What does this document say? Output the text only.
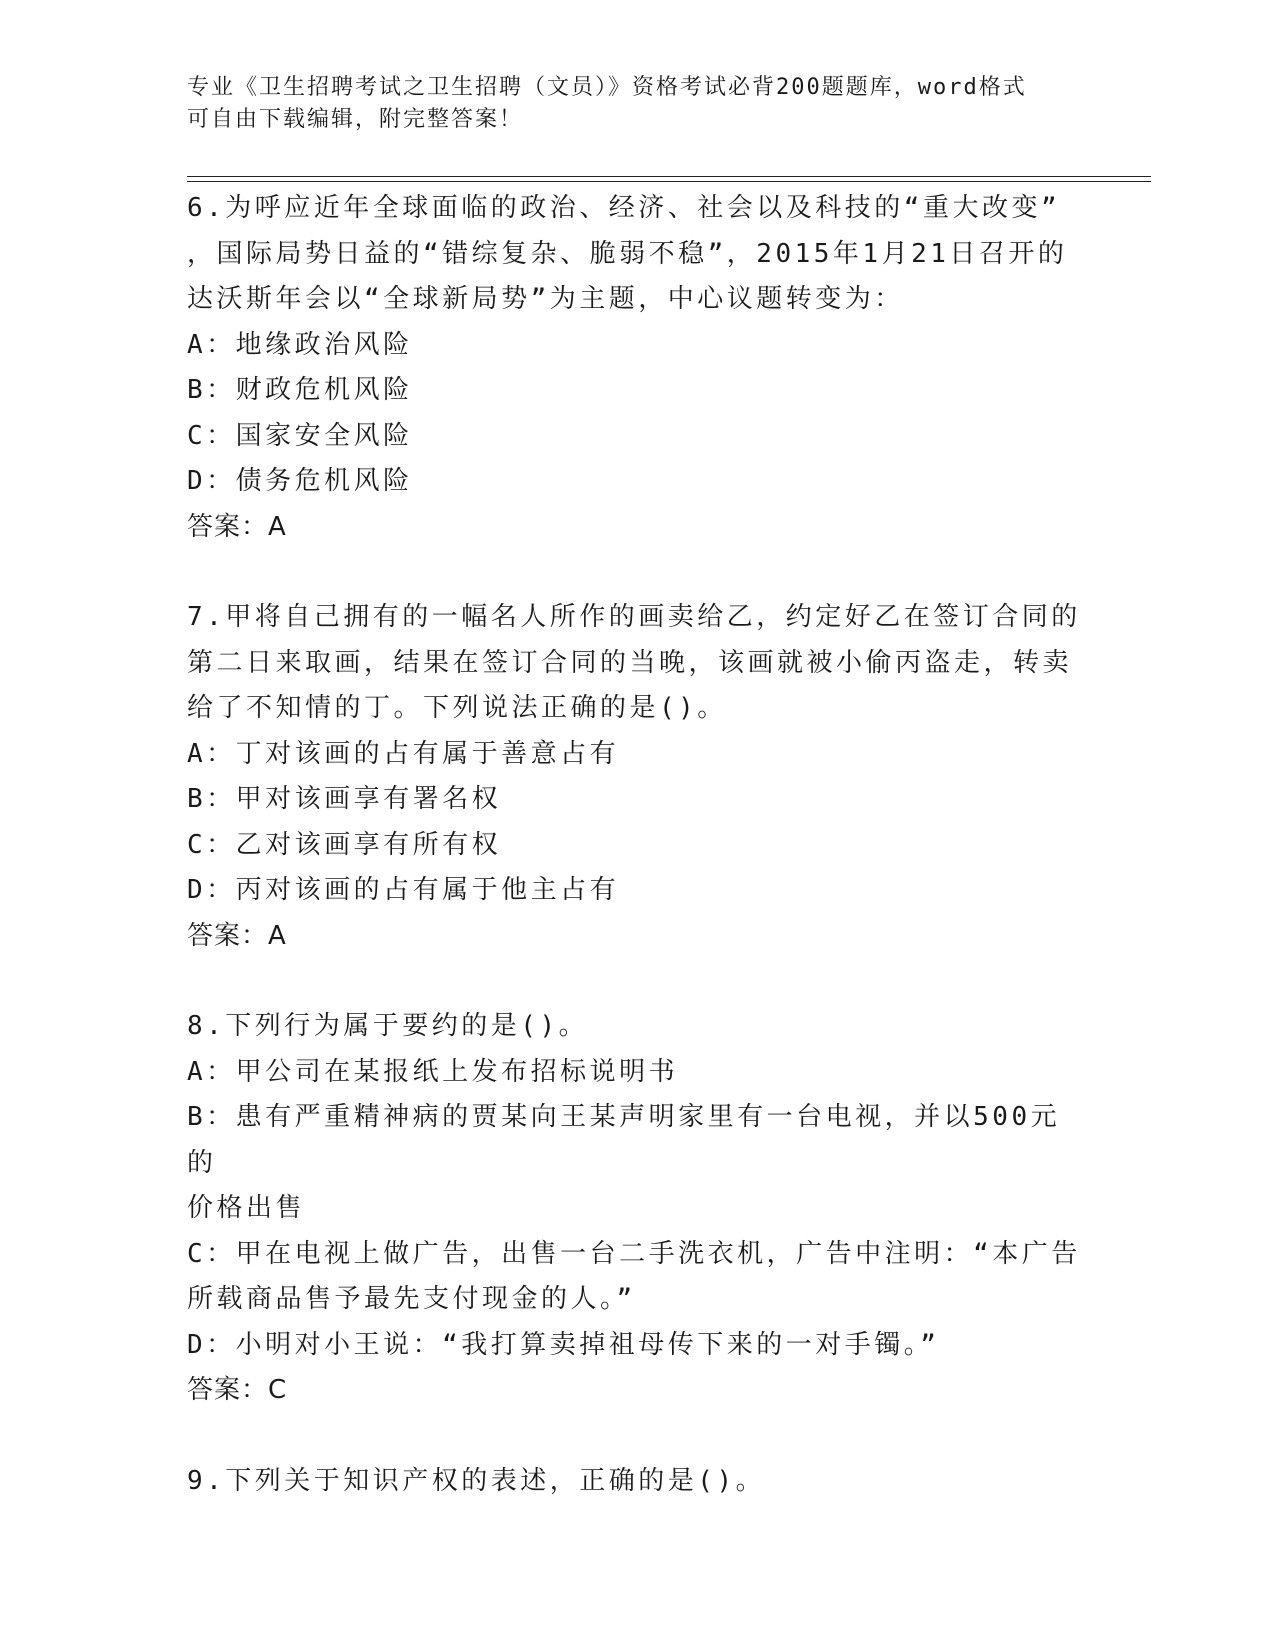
专业《卫生招聘考试之卫生招聘（文员）》资格考试必背200题题库，word格式
可自由下载编辑，附完整答案！
6.为呼应近年全球面临的政治、经济、社会以及科技的“重大改变”
，国际局势日益的“错综复杂、脆弱不稳”，2015年1月21日召开的
达沃斯年会以“全球新局势”为主题，中心议题转变为：
A：地缘政治风险
B：财政危机风险
C：国家安全风险
D：债务危机风险
答案：A
7.甲将自己拥有的一幅名人所作的画卖给乙，约定好乙在签订合同的
第二日来取画，结果在签订合同的当晚，该画就被小偷丙盗走，转卖
给了不知情的丁。下列说法正确的是()。
A：丁对该画的占有属于善意占有
B：甲对该画享有署名权
C：乙对该画享有所有权
D：丙对该画的占有属于他主占有
答案：A
8.下列行为属于要约的是()。
A：甲公司在某报纸上发布招标说明书
B：患有严重精神病的贾某向王某声明家里有一台电视，并以500元的
价格出售
C：甲在电视上做广告，出售一台二手洗衣机，广告中注明：“本广告
所载商品售予最先支付现金的人。”
D：小明对小王说：“我打算卖掉祖母传下来的一对手镯。”
答案：C
9.下列关于知识产权的表述，正确的是()。
